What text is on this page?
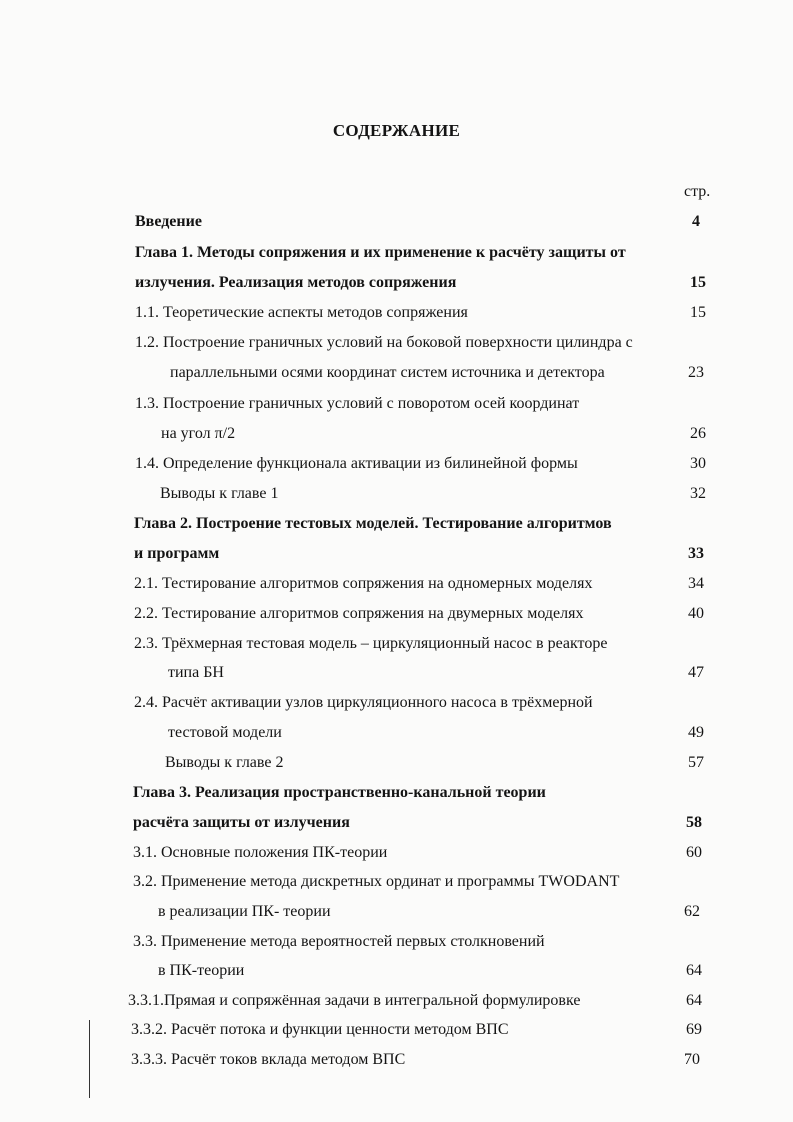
СОДЕРЖАНИЕ
стр.
Введение	4
Глава 1. Методы сопряжения и их применение к расчёту защиты от
излучения. Реализация методов сопряжения	15
1.1. Теоретические аспекты методов сопряжения	15
1.2. Построение граничных условий на боковой поверхности цилиндра с
параллельными осями координат систем источника и детектора	23
1.3. Построение граничных условий с поворотом осей координат
на угол π/2	26
1.4. Определение функционала активации из билинейной формы	30
Выводы к главе 1	32
Глава 2. Построение тестовых моделей. Тестирование алгоритмов
и программ	33
2.1. Тестирование алгоритмов сопряжения на одномерных моделях	34
2.2. Тестирование алгоритмов сопряжения на двумерных моделях	40
2.3. Трёхмерная тестовая модель – циркуляционный насос в реакторе
типа БН	47
2.4. Расчёт активации узлов циркуляционного насоса в трёхмерной
тестовой модели	49
Выводы к главе 2	57
Глава 3. Реализация пространственно-канальной теории
расчёта защиты от излучения	58
3.1. Основные положения ПК-теории	60
3.2. Применение метода дискретных ординат и программы TWODANT
в реализации ПК- теории	62
3.3. Применение метода вероятностей первых столкновений
в ПК-теории	64
3.3.1.Прямая и сопряжённая задачи в интегральной формулировке	64
3.3.2. Расчёт потока и функции ценности методом ВПС	69
3.3.3. Расчёт токов вклада методом ВПС	70
